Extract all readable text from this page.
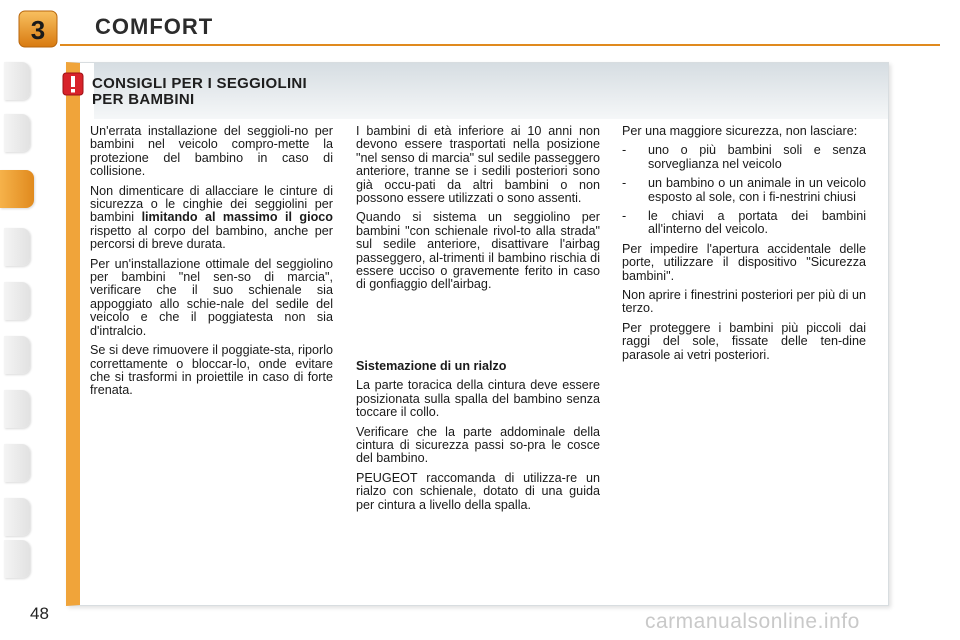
3 COMFORT
CONSIGLI PER I SEGGIOLINI
PER BAMBINI

Un'errata installazione del seggioli-no per bambini nel veicolo compro-mette la protezione del bambino in caso di collisione.

Non dimenticare di allacciare le cinture di sicurezza o le cinghie dei seggiolini per bambini limitando al massimo il gioco rispetto al corpo del bambino, anche per percorsi di breve durata.

Per un'installazione ottimale del seggiolino per bambini "nel sen-so di marcia", verificare che il suo schienale sia appoggiato allo schie-nale del sedile del veicolo e che il poggiatesta non sia d'intralcio.

Se si deve rimuovere il poggiate-sta, riporlo correttamente o bloccar-lo, onde evitare che si trasformi in proiettile in caso di forte frenata.

I bambini di età inferiore ai 10 anni non devono essere trasportati nella posizione "nel senso di marcia" sul sedile passeggero anteriore, tranne se i sedili posteriori sono già occu-pati da altri bambini o non possono essere utilizzati o sono assenti.

Quando si sistema un seggiolino per bambini "con schienale rivol-to alla strada" sul sedile anteriore, disattivare l'airbag passeggero, al-trimenti il bambino rischia di essere ucciso o gravemente ferito in caso di gonfiaggio dell'airbag.

Sistemazione di un rialzo

La parte toracica della cintura deve essere posizionata sulla spalla del bambino senza toccare il collo.

Verificare che la parte addominale della cintura di sicurezza passi so-pra le cosce del bambino.

PEUGEOT raccomanda di utilizza-re un rialzo con schienale, dotato di una guida per cintura a livello della spalla.

Per una maggiore sicurezza, non lasciare:

-	uno o più bambini soli e senza sorveglianza nel veicolo
-	un bambino o un animale in un veicolo esposto al sole, con i fi-nestrini chiusi
-	le chiavi a portata dei bambini all'interno del veicolo.

Per impedire l'apertura accidentale delle porte, utilizzare il dispositivo "Sicurezza bambini".

Non aprire i finestrini posteriori per più di un terzo.

Per proteggere i bambini più piccoli dai raggi del sole, fissate delle ten-dine parasole ai vetri posteriori.

48	carmanualsonline.info
